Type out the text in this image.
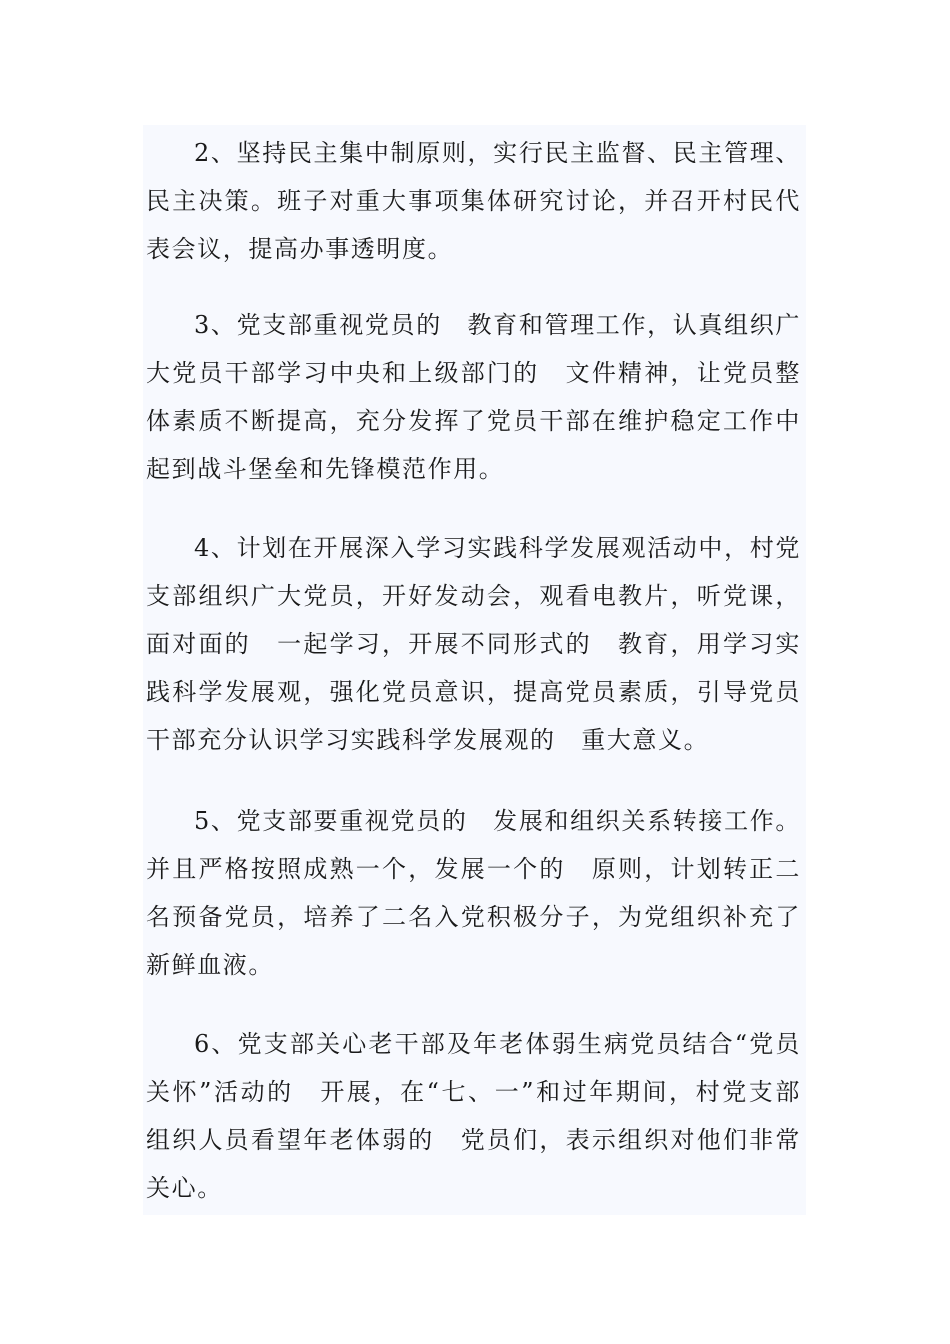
2、坚持民主集中制原则，实行民主监督、民主管理、民主决策。班子对重大事项集体研究讨论，并召开村民代表会议，提高办事透明度。

3、党支部重视党员的　教育和管理工作，认真组织广大党员干部学习中央和上级部门的　文件精神，让党员整体素质不断提高，充分发挥了党员干部在维护稳定工作中起到战斗堡垒和先锋模范作用。

4、计划在开展深入学习实践科学发展观活动中，村党支部组织广大党员，开好发动会，观看电教片，听党课，面对面的　一起学习，开展不同形式的　教育，用学习实践科学发展观，强化党员意识，提高党员素质，引导党员干部充分认识学习实践科学发展观的　重大意义。

5、党支部要重视党员的　发展和组织关系转接工作。并且严格按照成熟一个，发展一个的　原则，计划转正二名预备党员，培养了二名入党积极分子，为党组织补充了新鲜血液。

6、党支部关心老干部及年老体弱生病党员结合“党员关怀”活动的　开展，在“七、一”和过年期间，村党支部组织人员看望年老体弱的　党员们，表示组织对他们非常关心。
